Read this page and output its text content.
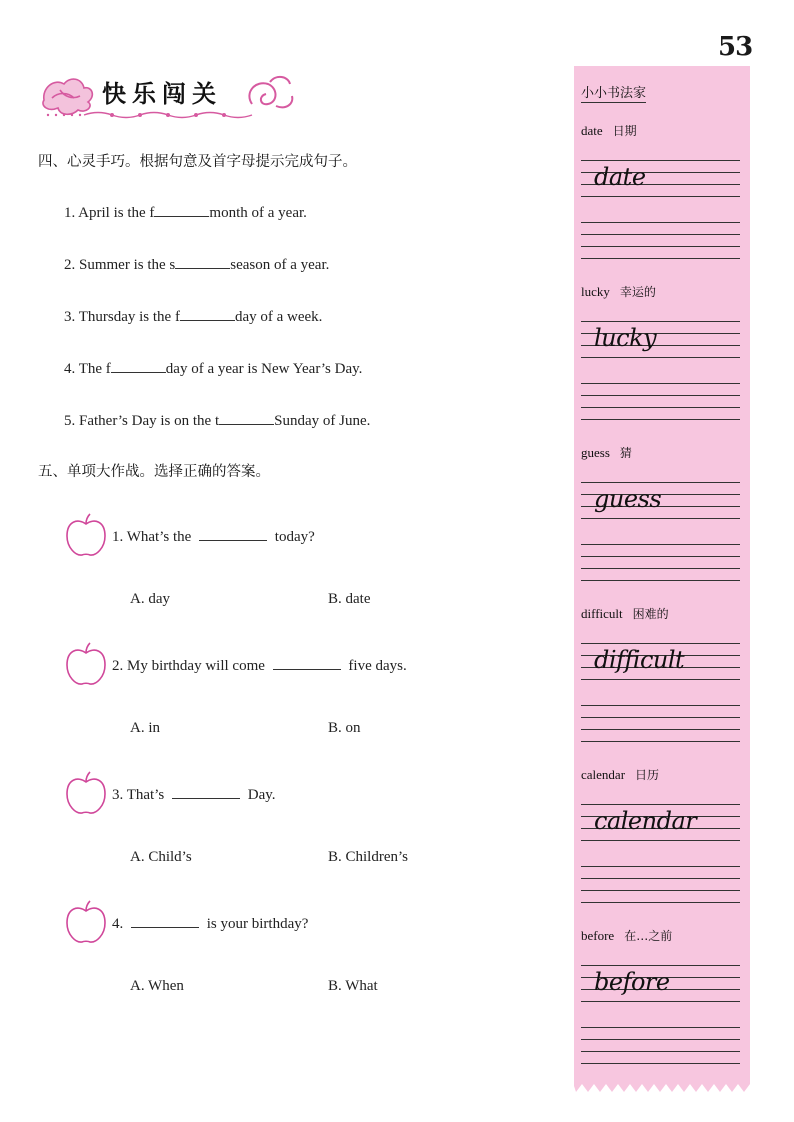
53
快乐闯关
四、心灵手巧。根据句意及首字母提示完成句子。
1. April is the f	month of a year.
2. Summer is the s	season of a year.
3. Thursday is the f	day of a week.
4. The f	day of a year is New Year’s Day.
5. Father’s Day is on the t	Sunday of June.
五、单项大作战。选择正确的答案。
1. What’s the	today?
A. day	B. date
2. My birthday will come	five days.
A. in	B. on
3. That’s	Day.
A. Child’s	B. Children’s
4.	is your birthday?
A. When	B. What
小小书法家
date 日期
date
lucky 幸运的
lucky
guess 猜
guess
difficult 困难的
difficult
calendar 日历
calendar
before 在…之前
before
